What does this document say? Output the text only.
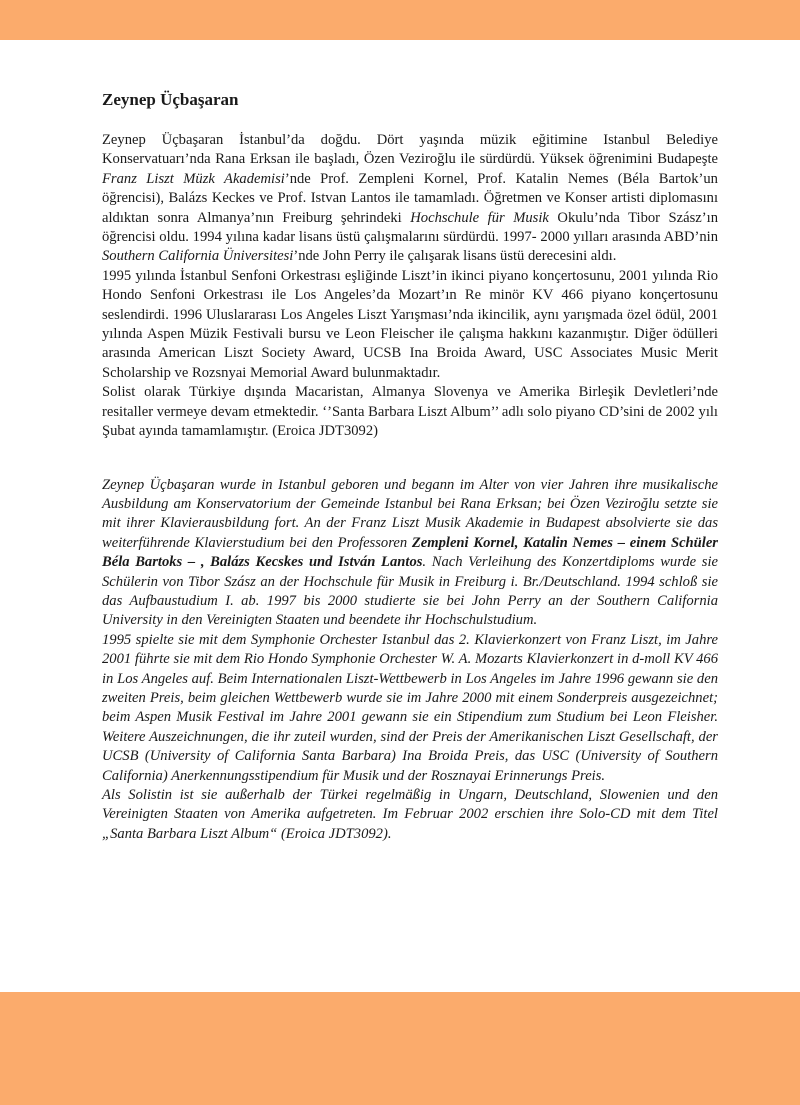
Zeynep Üçbaşaran

Zeynep Üçbaşaran İstanbul’da doğdu. Dört yaşında müzik eğitimine Istanbul Belediye Konservatuarı’nda Rana Erksan ile başladı, Özen Veziroğlu ile sürdürdü. Yüksek öğrenimini Budapeşte Franz Liszt Müzk Akademisi’nde Prof. Zempleni Kornel, Prof. Katalin Nemes (Béla Bartok’un öğrencisi), Balázs Keckes ve Prof. Istvan Lantos ile tamamladı. Öğretmen ve Konser artisti diplomasını aldıktan sonra Almanya’nın Freiburg şehrindeki Hochschule für Musik Okulu’nda Tibor Szász’ın öğrencisi oldu. 1994 yılına kadar lisans üstü çalışmalarını sürdürdü. 1997- 2000 yılları arasında ABD’nin Southern California Üniversitesi’nde John Perry ile çalışarak lisans üstü derecesini aldı.

1995 yılında İstanbul Senfoni Orkestrası eşliğinde Liszt’in ikinci piyano konçertosunu, 2001 yılında Rio Hondo Senfoni Orkestrası ile Los Angeles’da Mozart’ın Re minör KV 466 piyano konçertosunu seslendirdi. 1996 Uluslararası Los Angeles Liszt Yarışması’nda ikincilik, aynı yarışmada özel ödül, 2001 yılında Aspen Müzik Festivali bursu ve Leon Fleischer ile çalışma hakkını kazanmıştır. Diğer ödülleri arasında American Liszt Society Award, UCSB Ina Broida Award, USC Associates Music Merit Scholarship ve Rozsnyai Memorial Award bulunmaktadır.

Solist olarak Türkiye dışında Macaristan, Almanya Slovenya ve Amerika Birleşik Devletleri’nde resitaller vermeye devam etmektedir. ‘’Santa Barbara Liszt Album’’ adlı solo piyano CD’sini de 2002 yılı Şubat ayında tamamlamıştır. (Eroica JDT3092)

Zeynep Üçbaşaran wurde in Istanbul geboren und begann im Alter von vier Jahren ihre musikalische Ausbildung am Konservatorium der Gemeinde Istanbul bei Rana Erksan; bei Özen Veziroğlu setzte sie mit ihrer Klavierausbildung fort. An der Franz Liszt Musik Akademie in Budapest absolvierte sie das weiterführende Klavierstudium bei den Professoren Zempleni Kornel, Katalin Nemes – einem Schüler Béla Bartoks – , Balázs Kecskes und István Lantos. Nach Verleihung des Konzertdiploms wurde sie Schülerin von Tibor Szász an der Hochschule für Musik in Freiburg i. Br./Deutschland. 1994 schloß sie das Aufbaustudium I. ab. 1997 bis 2000 studierte sie bei John Perry an der Southern California University in den Vereinigten Staaten und beendete ihr Hochschulstudium.

1995 spielte sie mit dem Symphonie Orchester Istanbul das 2. Klavierkonzert von Franz Liszt, im Jahre 2001 führte sie mit dem Rio Hondo Symphonie Orchester W. A. Mozarts Klavierkonzert in d-moll KV 466 in Los Angeles auf. Beim Internationalen Liszt-Wettbewerb in Los Angeles im Jahre 1996 gewann sie den zweiten Preis, beim gleichen Wettbewerb wurde sie im Jahre 2000 mit einem Sonderpreis ausgezeichnet; beim Aspen Musik Festival im Jahre 2001 gewann sie ein Stipendium zum Studium bei Leon Fleisher. Weitere Auszeichnungen, die ihr zuteil wurden, sind der Preis der Amerikanischen Liszt Gesellschaft, der UCSB (University of California Santa Barbara) Ina Broida Preis, das USC (University of Southern California) Anerkennungsstipendium für Musik und der Rosznayai Erinnerungs Preis.

Als Solistin ist sie außerhalb der Türkei regelmäßig in Ungarn, Deutschland, Slowenien und den Vereinigten Staaten von Amerika aufgetreten. Im Februar 2002 erschien ihre Solo-CD mit dem Titel „Santa Barbara Liszt Album“ (Eroica JDT3092).
